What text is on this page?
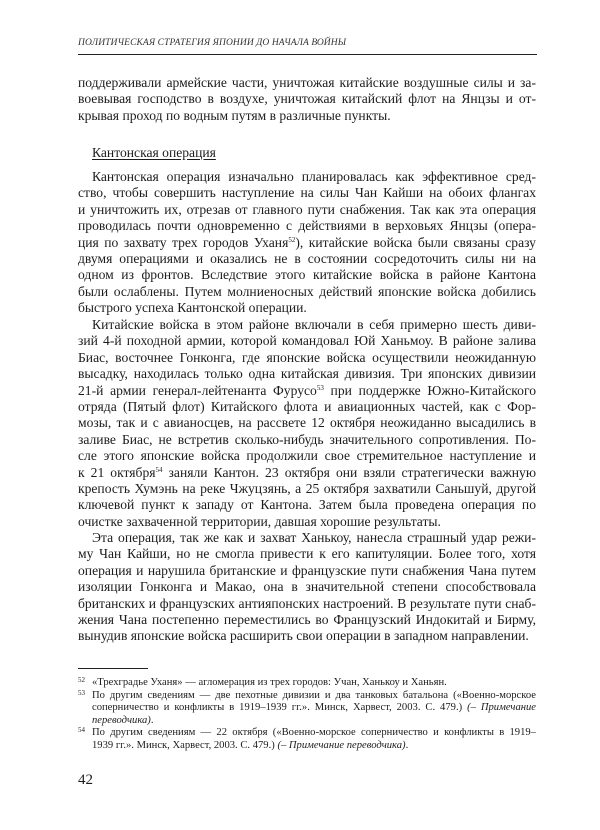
ПОЛИТИЧЕСКАЯ СТРАТЕГИЯ ЯПОНИИ ДО НАЧАЛА ВОЙНЫ
Кантонская операция
поддерживали армейские части, уничтожая китайские воздушные силы и за-
воевывая господство в воздухе, уничтожая китайский флот на Янцзы и от-
крывая проход по водным путям в различные пункты.
Кантонская операция изначально планировалась как эффективное сред-
ство, чтобы совершить наступление на силы Чан Кайши на обоих флангах
и уничтожить их, отрезав от главного пути снабжения. Так как эта операция
проводилась почти одновременно с действиями в верховьях Янцзы (опера-
ция по захвату трех городов Уханя$^{52}$), китайские войска были связаны сразу
двумя операциями и оказались не в состоянии сосредоточить силы ни на
одном из фронтов. Вследствие этого китайские войска в районе Кантона
были ослаблены. Путем молниеносных действий японские войска добились
быстрого успеха Кантонской операции.
Китайские войска в этом районе включали в себя примерно шесть диви-
зий 4-й походной армии, которой командовал Юй Ханьмоу. В районе залива
Биас, восточнее Гонконга, где японские войска осуществили неожиданную
высадку, находилась только одна китайская дивизия. Три японских дивизии
21-й армии генерал-лейтенанта Фурусо$^{53}$ при поддержке Южно-Китайского
отряда (Пятый флот) Китайского флота и авиационных частей, как с Фор-
мозы, так и с авианосцев, на рассвете 12 октября неожиданно высадились в
заливе Биас, не встретив сколько-нибудь значительного сопротивления. По-
сле этого японские войска продолжили свое стремительное наступление и
к 21 октября$^{54}$ заняли Кантон. 23 октября они взяли стратегически важную
крепость Хумэнь на реке Чжуцзянь, а 25 октября захватили Саньшуй, другой
ключевой пункт к западу от Кантона. Затем была проведена операция по
очистке захваченной территории, давшая хорошие результаты.
Эта операция, так же как и захват Ханькоу, нанесла страшный удар режи-
му Чан Кайши, но не смогла привести к его капитуляции. Более того, хотя
операция и нарушила британские и французские пути снабжения Чана путем
изоляции Гонконга и Макао, она в значительной степени способствовала
британских и французских антияпонских настроений. В результате пути снаб-
жения Чана постепенно переместились во Французский Индокитай и Бирму,
вынудив японские войска расширить свои операции в западном направлении.
52 «Трехградье Уханя» — агломерация из трех городов: Учан, Ханькоу и Ханьян.
53 По другим сведениям — две пехотные дивизии и два танковых батальона («Военно-морское
соперничество и конфликты в 1919–1939 гг.». Минск, Харвест, 2003. С. 479.) (– Примечание
переводчика).
54 По другим сведениям — 22 октября («Военно-морское соперничество и конфликты в 1919–
1939 гг.». Минск, Харвест, 2003. С. 479.) (– Примечание переводчика).
42
